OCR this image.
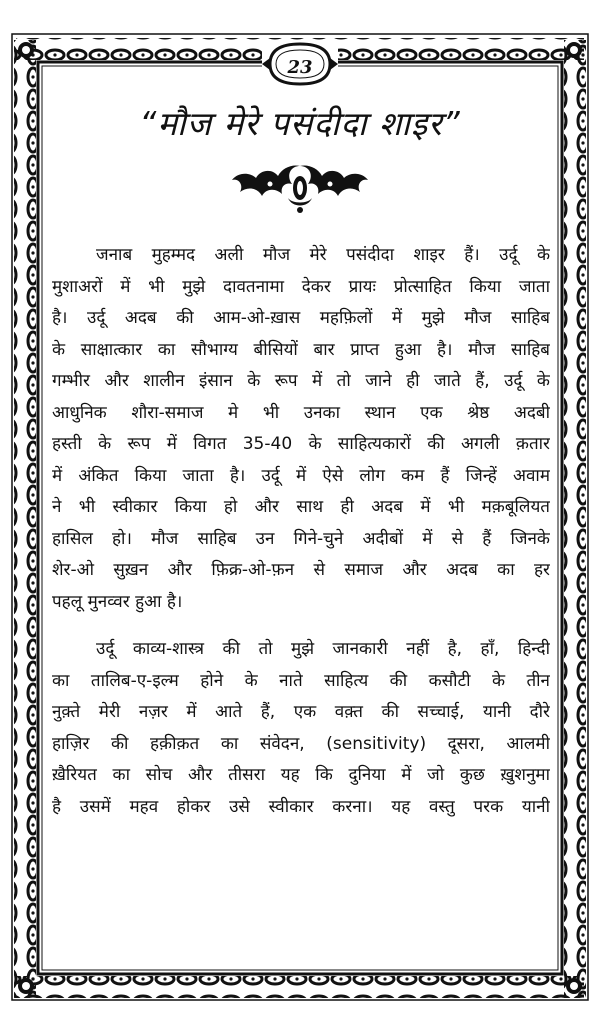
23
“मौज मेरे पसंदीदा शाइर”
जनाब मुहम्मद अली मौज मेरे पसंदीदा शाइर हैं। उर्दू के
मुशाअरों में भी मुझे दावतनामा देकर प्रायः प्रोत्साहित किया जाता
है। उर्दू अदब की आम-ओ-ख़ास महफ़िलों में मुझे मौज साहिब
के साक्षात्कार का सौभाग्य बीसियों बार प्राप्त हुआ है। मौज साहिब
गम्भीर और शालीन इंसान के रूप में तो जाने ही जाते हैं, उर्दू के
आधुनिक शौरा-समाज मे भी उनका स्थान एक श्रेष्ठ अदबी
हस्ती के रूप में विगत 35-40 के साहित्यकारों की अगली क़तार
में अंकित किया जाता है। उर्दू में ऐसे लोग कम हैं जिन्हें अवाम
ने भी स्वीकार किया हो और साथ ही अदब में भी मक़बूलियत
हासिल हो। मौज साहिब उन गिने-चुने अदीबों में से हैं जिनके
शेर-ओ सुख़न और फ़िक्र-ओ-फ़न से समाज और अदब का हर
पहलू मुनव्वर हुआ है।
उर्दू काव्य-शास्त्र की तो मुझे जानकारी नहीं है, हाँ, हिन्दी
का तालिब-ए-इल्म होने के नाते साहित्य की कसौटी के तीन
नुक़्ते मेरी नज़र में आते हैं, एक वक़्त की सच्चाई, यानी दौरे
हाज़िर की हक़ीक़त का संवेदन, (sensitivity) दूसरा, आलमी
ख़ैरियत का सोच और तीसरा यह कि दुनिया में जो कुछ ख़ुशनुमा
है उसमें महव होकर उसे स्वीकार करना। यह वस्तु परक यानी
